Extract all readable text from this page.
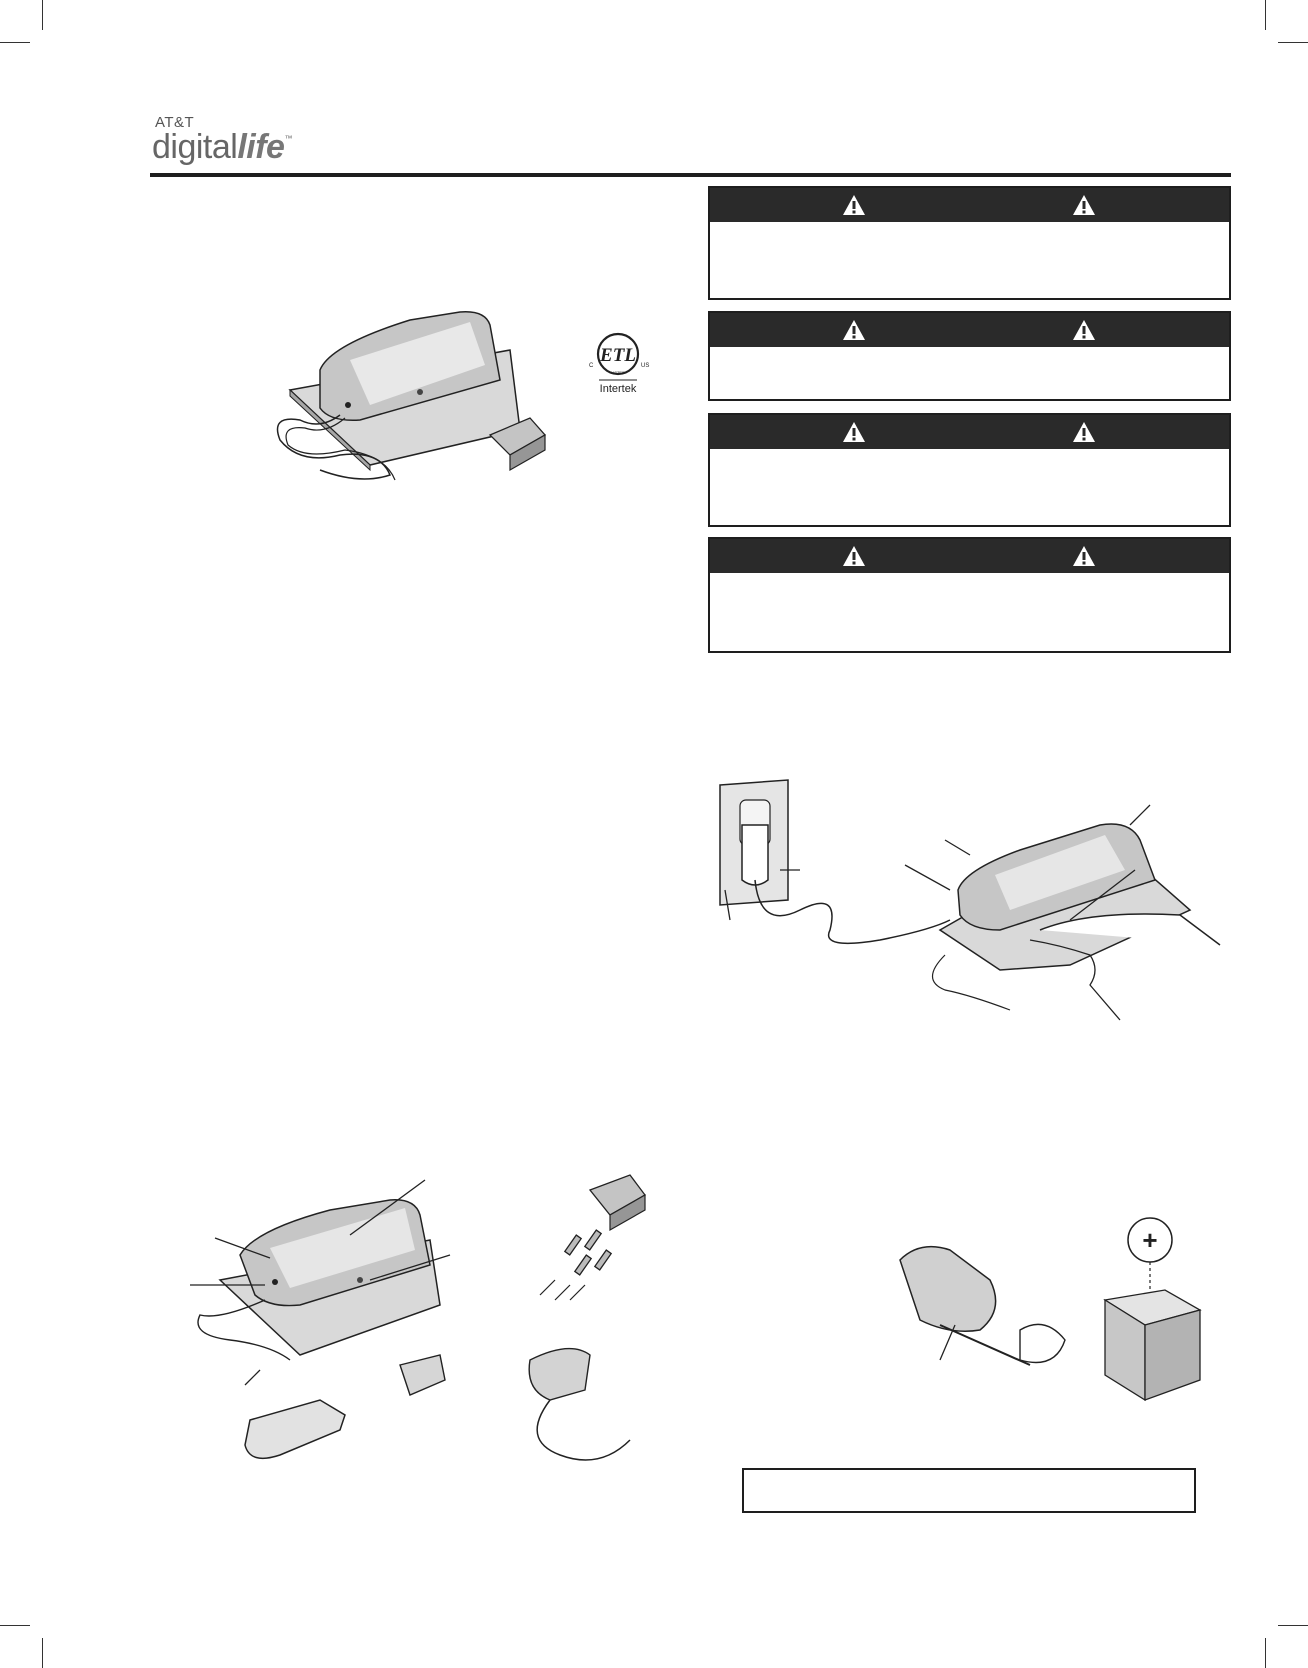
AT&T
digitallife™
ETL
C	US
LISTED
Intertek
+
